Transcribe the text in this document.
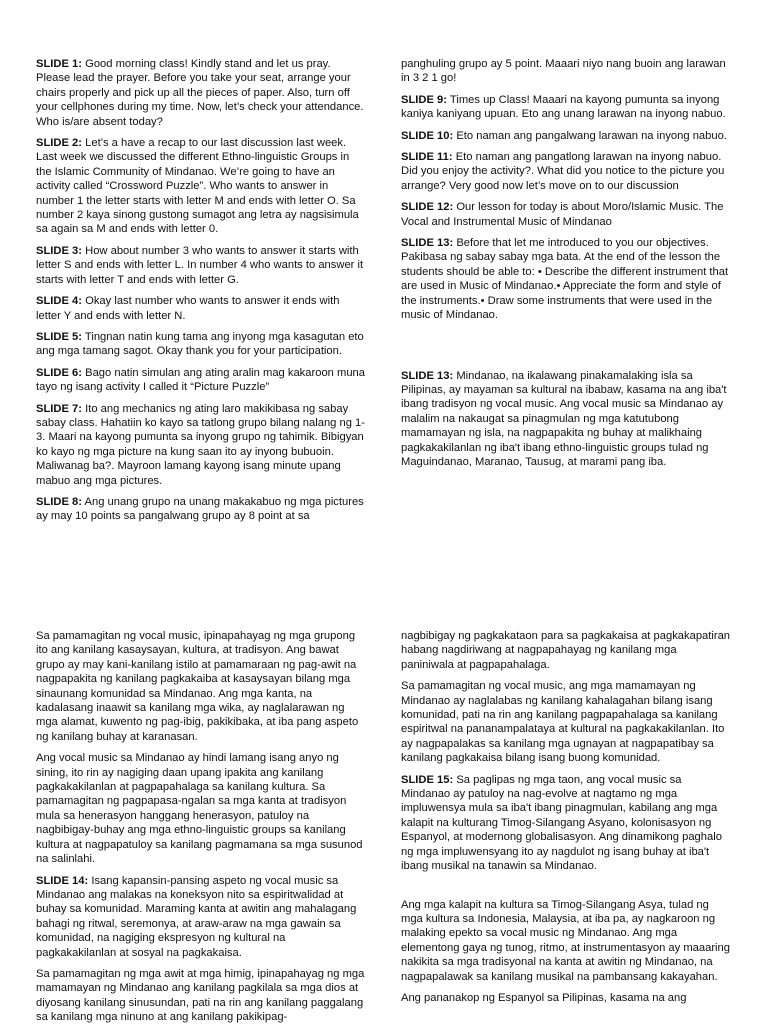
SLIDE 1: Good morning class! Kindly stand and let us pray. Please lead the prayer. Before you take your seat, arrange your chairs properly and pick up all the pieces of paper. Also, turn off your cellphones during my time. Now, let’s check your attendance. Who is/are absent today?

SLIDE 2: Let’s a have a recap to our last discussion last week. Last week we discussed the different Ethno-linguistic Groups in the Islamic Community of Mindanao. We’re going to have an activity called “Crossword Puzzle”. Who wants to answer in number 1 the letter starts with letter M and ends with letter O. Sa number 2 kaya sinong gustong sumagot ang letra ay nagsisimula sa again sa M and ends with letter 0.

SLIDE 3: How about number 3 who wants to answer it starts with letter S and ends with letter L. In number 4 who wants to answer it starts with letter T and ends with letter G.

SLIDE 4: Okay last number who wants to answer it ends with letter Y and ends with letter N.

SLIDE 5: Tingnan natin kung tama ang inyong mga kasagutan eto ang mga tamang sagot. Okay thank you for your participation.

SLIDE 6: Bago natin simulan ang ating aralin mag kakaroon muna tayo ng isang activity I called it “Picture Puzzle”

SLIDE 7: Ito ang mechanics ng ating laro makikibasa ng sabay sabay class. Hahatiin ko kayo sa tatlong grupo bilang nalang ng 1-3. Maari na kayong pumunta sa inyong grupo ng tahimik. Bibigyan ko kayo ng mga picture na kung saan ito ay inyong bubuoin. Maliwanag ba?. Mayroon lamang kayong isang minute upang mabuo ang mga pictures.

SLIDE 8: Ang unang grupo na unang makakabuo ng mga pictures ay may 10 points sa pangalwang grupo ay 8 point at sa

panghuling grupo ay 5 point. Maaari niyo nang buoin ang larawan in 3 2 1 go!

SLIDE 9: Times up Class! Maaari na kayong pumunta sa inyong kaniya kaniyang upuan. Eto ang unang larawan na inyong nabuo.

SLIDE 10: Eto naman ang pangalwang larawan na inyong nabuo.

SLIDE 11: Eto naman ang pangatlong larawan na inyong nabuo. Did you enjoy the activity?. What did you notice to the picture you arrange? Very good now let’s move on to our discussion

SLIDE 12: Our lesson for today is about Moro/Islamic Music. The Vocal and Instrumental Music of Mindanao

SLIDE 13: Before that let me introduced to you our objectives. Pakibasa ng sabay sabay mga bata. At the end of the lesson the students should be able to: • Describe the different instrument that are used in Music of Mindanao.• Appreciate the form and style of the instruments.• Draw some instruments that were used in the music of Mindanao.

SLIDE 13: Mindanao, na ikalawang pinakamalaking isla sa Pilipinas, ay mayaman sa kultural na ibabaw, kasama na ang iba't ibang tradisyon ng vocal music. Ang vocal music sa Mindanao ay malalim na nakaugat sa pinagmulan ng mga katutubong mamamayan ng isla, na nagpapakita ng buhay at malikhaing pagkakakilanlan ng iba't ibang ethno-linguistic groups tulad ng Maguindanao, Maranao, Tausug, at marami pang iba.

Sa pamamagitan ng vocal music, ipinapahayag ng mga grupong ito ang kanilang kasaysayan, kultura, at tradisyon. Ang bawat grupo ay may kani-kanilang istilo at pamamaraan ng pag-awit na nagpapakita ng kanilang pagkakaiba at kasaysayan bilang mga sinaunang komunidad sa Mindanao. Ang mga kanta, na kadalasang inaawit sa kanilang mga wika, ay naglalarawan ng mga alamat, kuwento ng pag-ibig, pakikibaka, at iba pang aspeto ng kanilang buhay at karanasan.

Ang vocal music sa Mindanao ay hindi lamang isang anyo ng sining, ito rin ay nagiging daan upang ipakita ang kanilang pagkakakilanlan at pagpapahalaga sa kanilang kultura. Sa pamamagitan ng pagpapasa-ngalan sa mga kanta at tradisyon mula sa henerasyon hanggang henerasyon, patuloy na nagbibigay-buhay ang mga ethno-linguistic groups sa kanilang kultura at nagpapatuloy sa kanilang pagmamana sa mga susunod na salinlahi.

SLIDE 14: Isang kapansin-pansing aspeto ng vocal music sa Mindanao ang malakas na koneksyon nito sa espiritwalidad at buhay sa komunidad. Maraming kanta at awitin ang mahalagang bahagi ng ritwal, seremonya, at araw-araw na mga gawain sa komunidad, na nagiging ekspresyon ng kultural na pagkakakilanlan at sosyal na pagkakaisa.

Sa pamamagitan ng mga awit at mga himig, ipinapahayag ng mga mamamayan ng Mindanao ang kanilang pagkilala sa mga dios at diyosang kanilang sinusundan, pati na rin ang kanilang paggalang sa kanilang mga ninuno at ang kanilang pakikipag-

nagbibigay ng pagkakataon para sa pagkakaisa at pagkakapatiran habang nagdiriwang at nagpapahayag ng kanilang mga paniniwala at pagpapahalaga.

Sa pamamagitan ng vocal music, ang mga mamamayan ng Mindanao ay naglalabas ng kanilang kahalagahan bilang isang komunidad, pati na rin ang kanilang pagpapahalaga sa kanilang espiritwal na pananampalataya at kultural na pagkakakilanlan. Ito ay nagpapalakas sa kanilang mga ugnayan at nagpapatibay sa kanilang pagkakaisa bilang isang buong komunidad.

SLIDE 15: Sa paglipas ng mga taon, ang vocal music sa Mindanao ay patuloy na nag-evolve at nagtamo ng mga impluwensya mula sa iba't ibang pinagmulan, kabilang ang mga kalapit na kulturang Timog-Silangang Asyano, kolonisasyon ng Espanyol, at modernong globalisasyon. Ang dinamikong paghalo ng mga impluwensyang ito ay nagdulot ng isang buhay at iba't ibang musikal na tanawin sa Mindanao.

Ang mga kalapit na kultura sa Timog-Silangang Asya, tulad ng mga kultura sa Indonesia, Malaysia, at iba pa, ay nagkaroon ng malaking epekto sa vocal music ng Mindanao. Ang mga elementong gaya ng tunog, ritmo, at instrumentasyon ay maaaring nakikita sa mga tradisyonal na kanta at awitin ng Mindanao, na nagpapalawak sa kanilang musikal na pambansang kakayahan.

Ang pananakop ng Espanyol sa Pilipinas, kasama na ang
